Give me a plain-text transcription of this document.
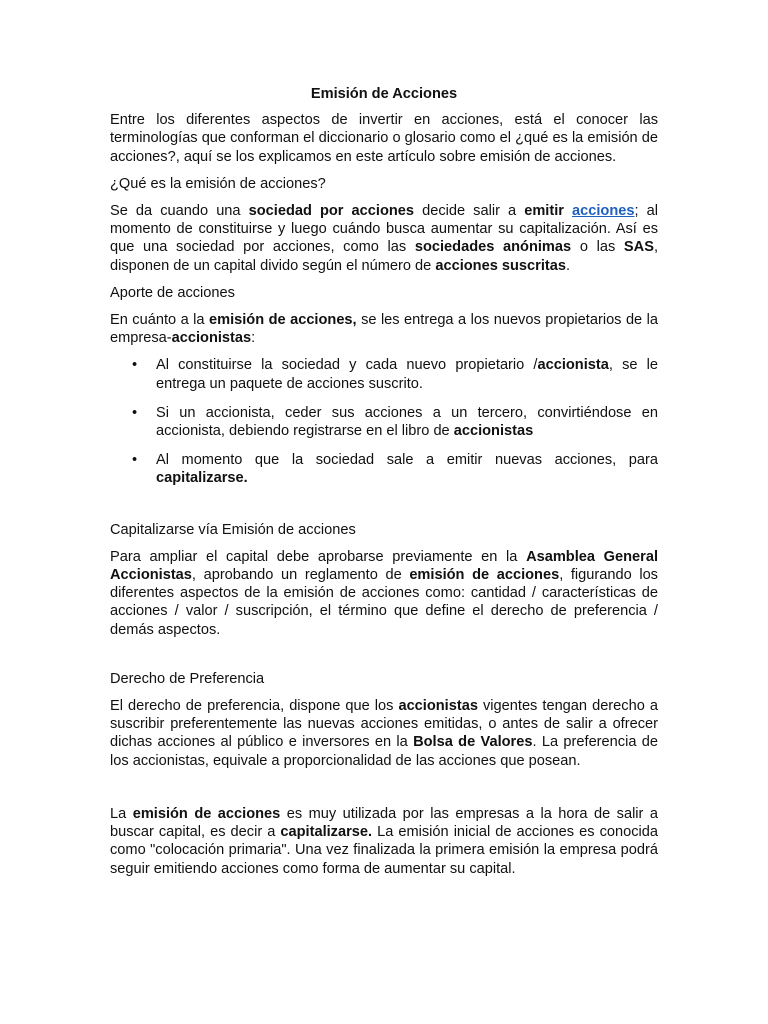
Emisión de Acciones

Entre los diferentes aspectos de invertir en acciones, está el conocer las terminologías que conforman el diccionario o glosario como el ¿qué es la emisión de acciones?, aquí se los explicamos en este artículo sobre emisión de acciones.

¿Qué es la emisión de acciones?

Se da cuando una sociedad por acciones decide salir a emitir acciones; al momento de constituirse y luego cuándo busca aumentar su capitalización. Así es que una sociedad por acciones, como las sociedades anónimas o las SAS, disponen de un capital divido según el número de acciones suscritas.

Aporte de acciones

En cuánto a la emisión de acciones, se les entrega a los nuevos propietarios de la empresa-accionistas:

• Al constituirse la sociedad y cada nuevo propietario /accionista, se le entrega un paquete de acciones suscrito.
• Si un accionista, ceder sus acciones a un tercero, convirtiéndose en accionista, debiendo registrarse en el libro de accionistas
• Al momento que la sociedad sale a emitir nuevas acciones, para capitalizarse.
Capitalizarse vía Emisión de acciones

Para ampliar el capital debe aprobarse previamente en la Asamblea General Accionistas, aprobando un reglamento de emisión de acciones, figurando los diferentes aspectos de la emisión de acciones como: cantidad / características de acciones / valor / suscripción, el término que define el derecho de preferencia / demás aspectos.

Derecho de Preferencia

El derecho de preferencia, dispone que los accionistas vigentes tengan derecho a suscribir preferentemente las nuevas acciones emitidas, o antes de salir a ofrecer dichas acciones al público e inversores en la Bolsa de Valores. La preferencia de los accionistas, equivale a proporcionalidad de las acciones que posean.

La emisión de acciones es muy utilizada por las empresas a la hora de salir a buscar capital, es decir a capitalizarse. La emisión inicial de acciones es conocida como "colocación primaria". Una vez finalizada la primera emisión la empresa podrá seguir emitiendo acciones como forma de aumentar su capital.
